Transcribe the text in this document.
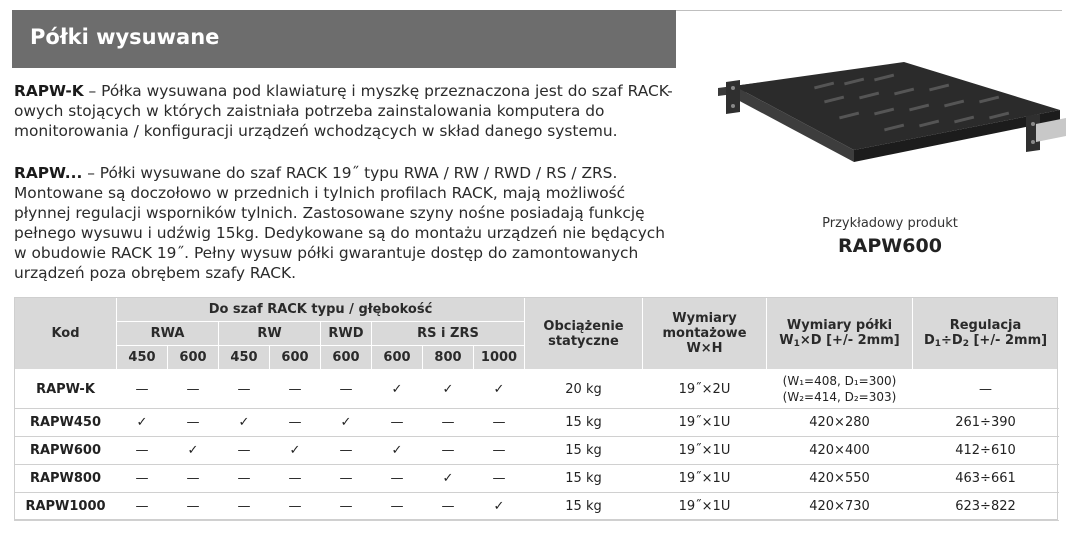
Półki wysuwane
RAPW-K – Półka wysuwana pod klawiaturę i myszkę przeznaczona jest do szaf RACK-owych stojących w których zaistniała potrzeba zainstalowania komputera do monitorowania / konfiguracji urządzeń wchodzących w skład danego systemu.
RAPW... – Półki wysuwane do szaf RACK 19˝ typu RWA / RW / RWD / RS / ZRS. Montowane są doczołowo w przednich i tylnich profilach RACK, mają możliwość płynnej regulacji wsporników tylnich. Zastosowane szyny nośne posiadają funkcję pełnego wysuwu i udźwig 15kg. Dedykowane są do montażu urządzeń nie będących w obudowie RACK 19˝. Pełny wysuw półki gwarantuje dostęp do zamontowanych urządzeń poza obrębem szafy RACK.
Przykładowy produkt
RAPW600
Kod	Do szaf RACK typu / głębokość								Obciążenie statyczne	Wymiary
montażowe
W×H	Wymiary półki
$W_1\times D$ [+/- 2mm]	Regulacja
$D_1\div D_2$ [+/- 2mm]
	RWA		RW		RWD	RS i ZRS						
	450	600	450	600	600	600	800	1000				
RAPW-K	—	—	—	—	—	✓	✓	✓	20 kg	19˝×2U	(W₁=408, D₁=300)
(W₂=414, D₂=303)	—
RAPW450	✓	—	✓	—	✓	—	—	—	15 kg	19˝×1U	420×280	261÷390
RAPW600	—	✓	—	✓	—	✓	—	—	15 kg	19˝×1U	420×400	412÷610
RAPW800	—	—	—	—	—	—	✓	—	15 kg	19˝×1U	420×550	463÷661
RAPW1000	—	—	—	—	—	—	—	✓	15 kg	19˝×1U	420×730	623÷822
